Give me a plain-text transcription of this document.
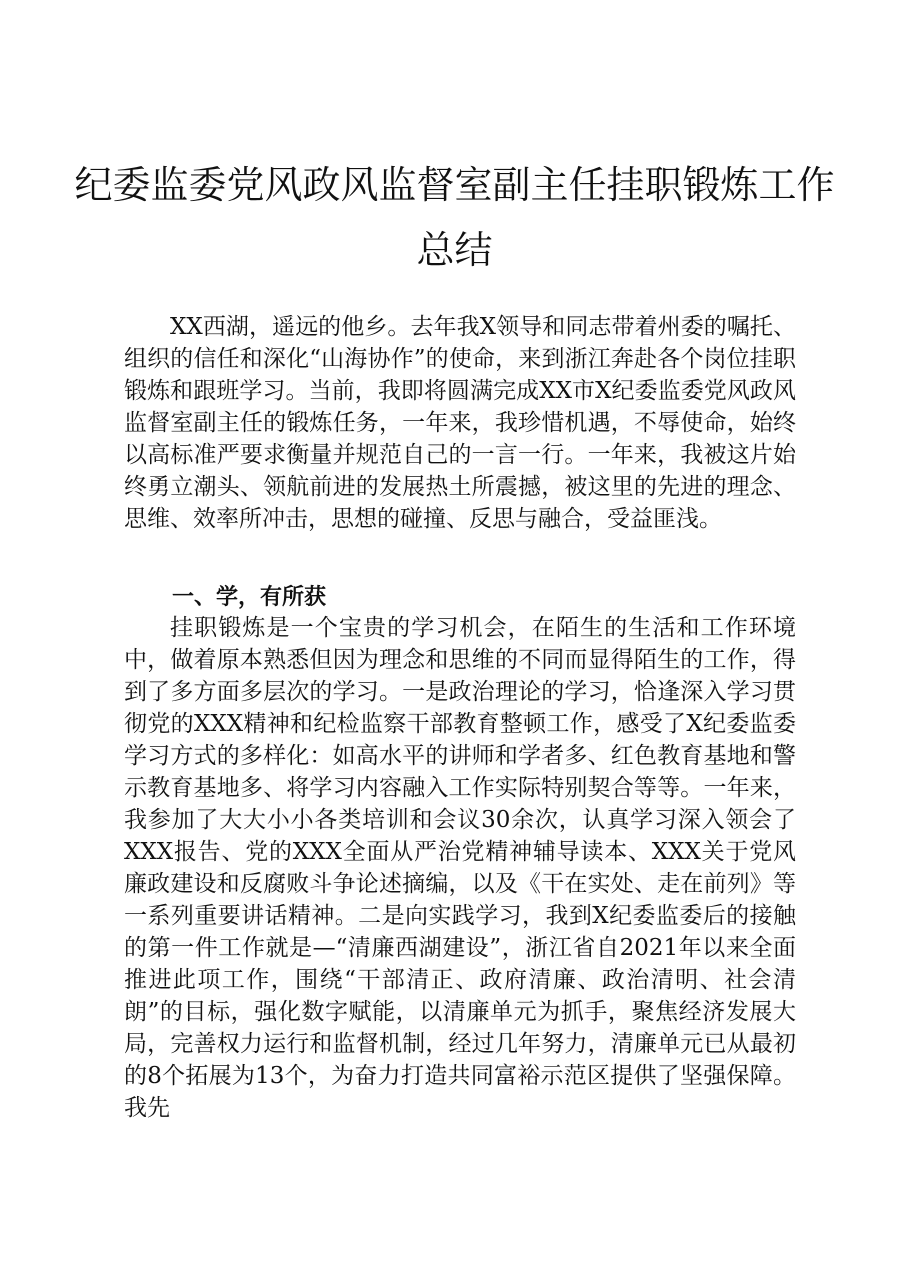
纪委监委党风政风监督室副主任挂职锻炼工作
总结

XX西湖，遥远的他乡。去年我X领导和同志带着州委的嘱托、组织的信任和深化“山海协作”的使命，来到浙江奔赴各个岗位挂职锻炼和跟班学习。当前，我即将圆满完成XX市X纪委监委党风政风监督室副主任的锻炼任务，一年来，我珍惜机遇，不辱使命，始终以高标准严要求衡量并规范自己的一言一行。一年来，我被这片始终勇立潮头、领航前进的发展热土所震撼，被这里的先进的理念、思维、效率所冲击，思想的碰撞、反思与融合，受益匪浅。

一、学，有所获

挂职锻炼是一个宝贵的学习机会，在陌生的生活和工作环境中，做着原本熟悉但因为理念和思维的不同而显得陌生的工作，得到了多方面多层次的学习。一是政治理论的学习，恰逢深入学习贯彻党的XXX精神和纪检监察干部教育整顿工作，感受了X纪委监委学习方式的多样化：如高水平的讲师和学者多、红色教育基地和警示教育基地多、将学习内容融入工作实际特别契合等等。一年来，我参加了大大小小各类培训和会议30余次，认真学习深入领会了XXX报告、党的XXX全面从严治党精神辅导读本、XXX关于党风廉政建设和反腐败斗争论述摘编，以及《干在实处、走在前列》等一系列重要讲话精神。二是向实践学习，我到X纪委监委后的接触的第一件工作就是—“清廉西湖建设”，浙江省自2021年以来全面推进此项工作，围绕“干部清正、政府清廉、政治清明、社会清朗”的目标，强化数字赋能，以清廉单元为抓手，聚焦经济发展大局，完善权力运行和监督机制，经过几年努力，清廉单元已从最初的8个拓展为13个，为奋力打造共同富裕示范区提供了坚强保障。我先
